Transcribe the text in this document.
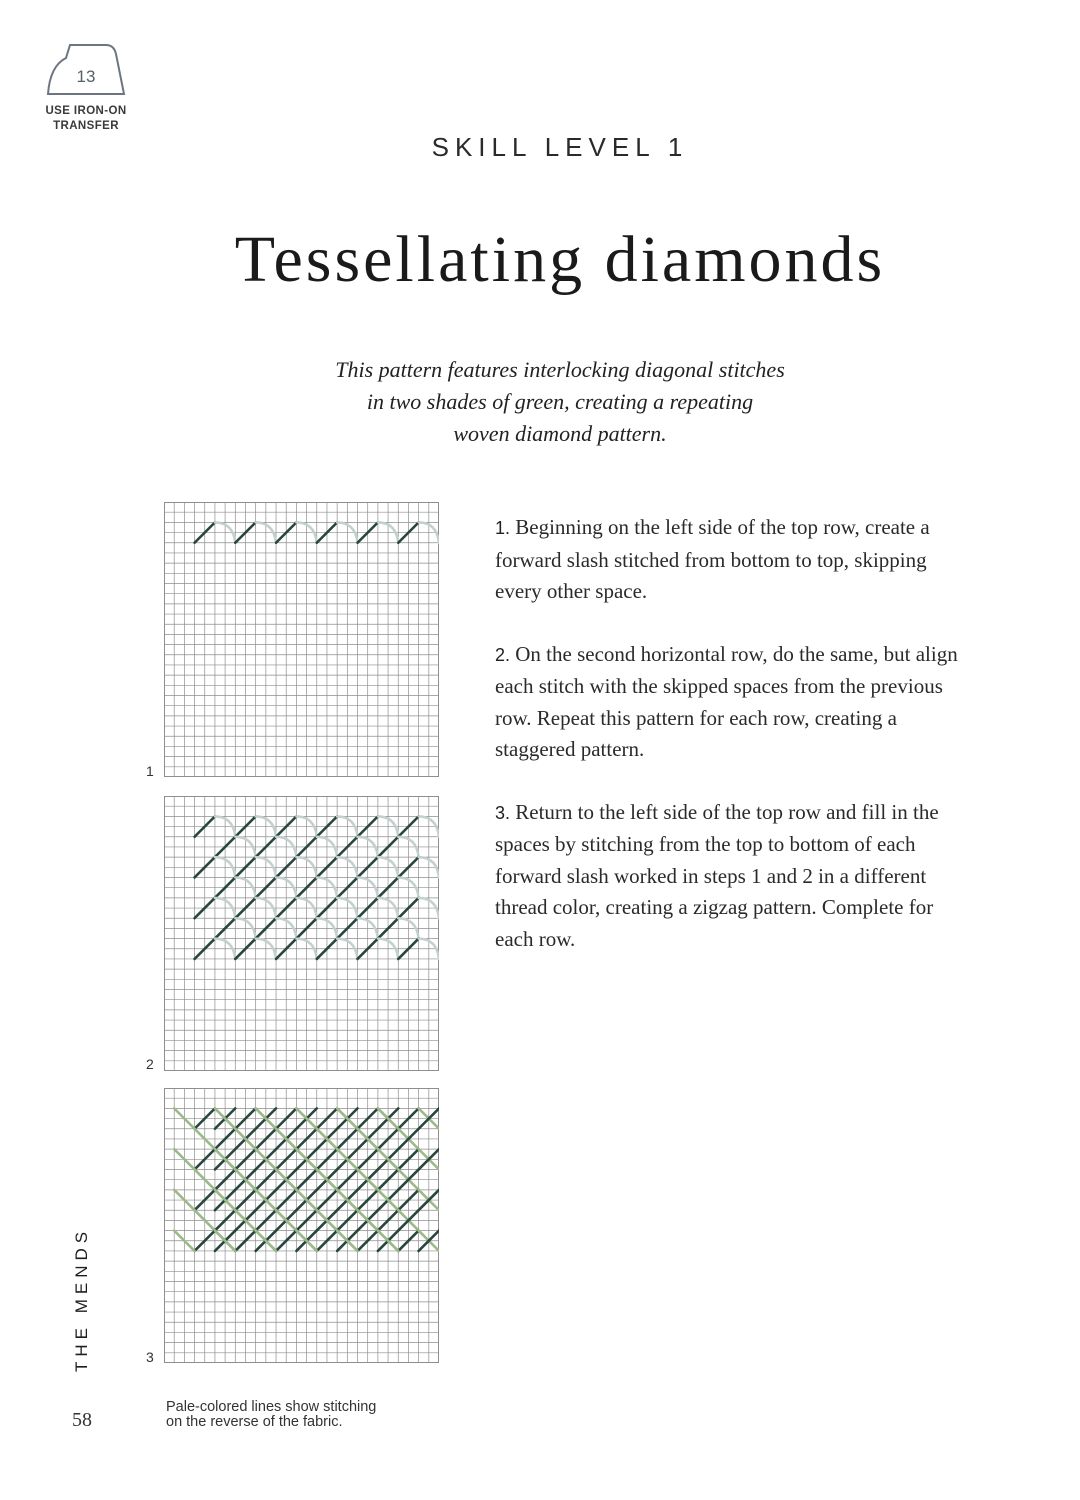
13
USE IRON-ON
TRANSFER
SKILL LEVEL 1
Tessellating diamonds
This pattern features interlocking diagonal stitches
in two shades of green, creating a repeating
woven diamond pattern.
1
2
3

1. Beginning on the left side of the top row, create a forward slash stitched from bottom to top, skipping every other space.

2. On the second horizontal row, do the same, but align each stitch with the skipped spaces from the previous row. Repeat this pattern for each row, creating a staggered pattern.

3. Return to the left side of the top row and fill in the spaces by stitching from the top to bottom of each forward slash worked in steps 1 and 2 in a different thread color, creating a zigzag pattern. Complete for each row.

THE MENDS
58
Pale-colored lines show stitching
on the reverse of the fabric.
